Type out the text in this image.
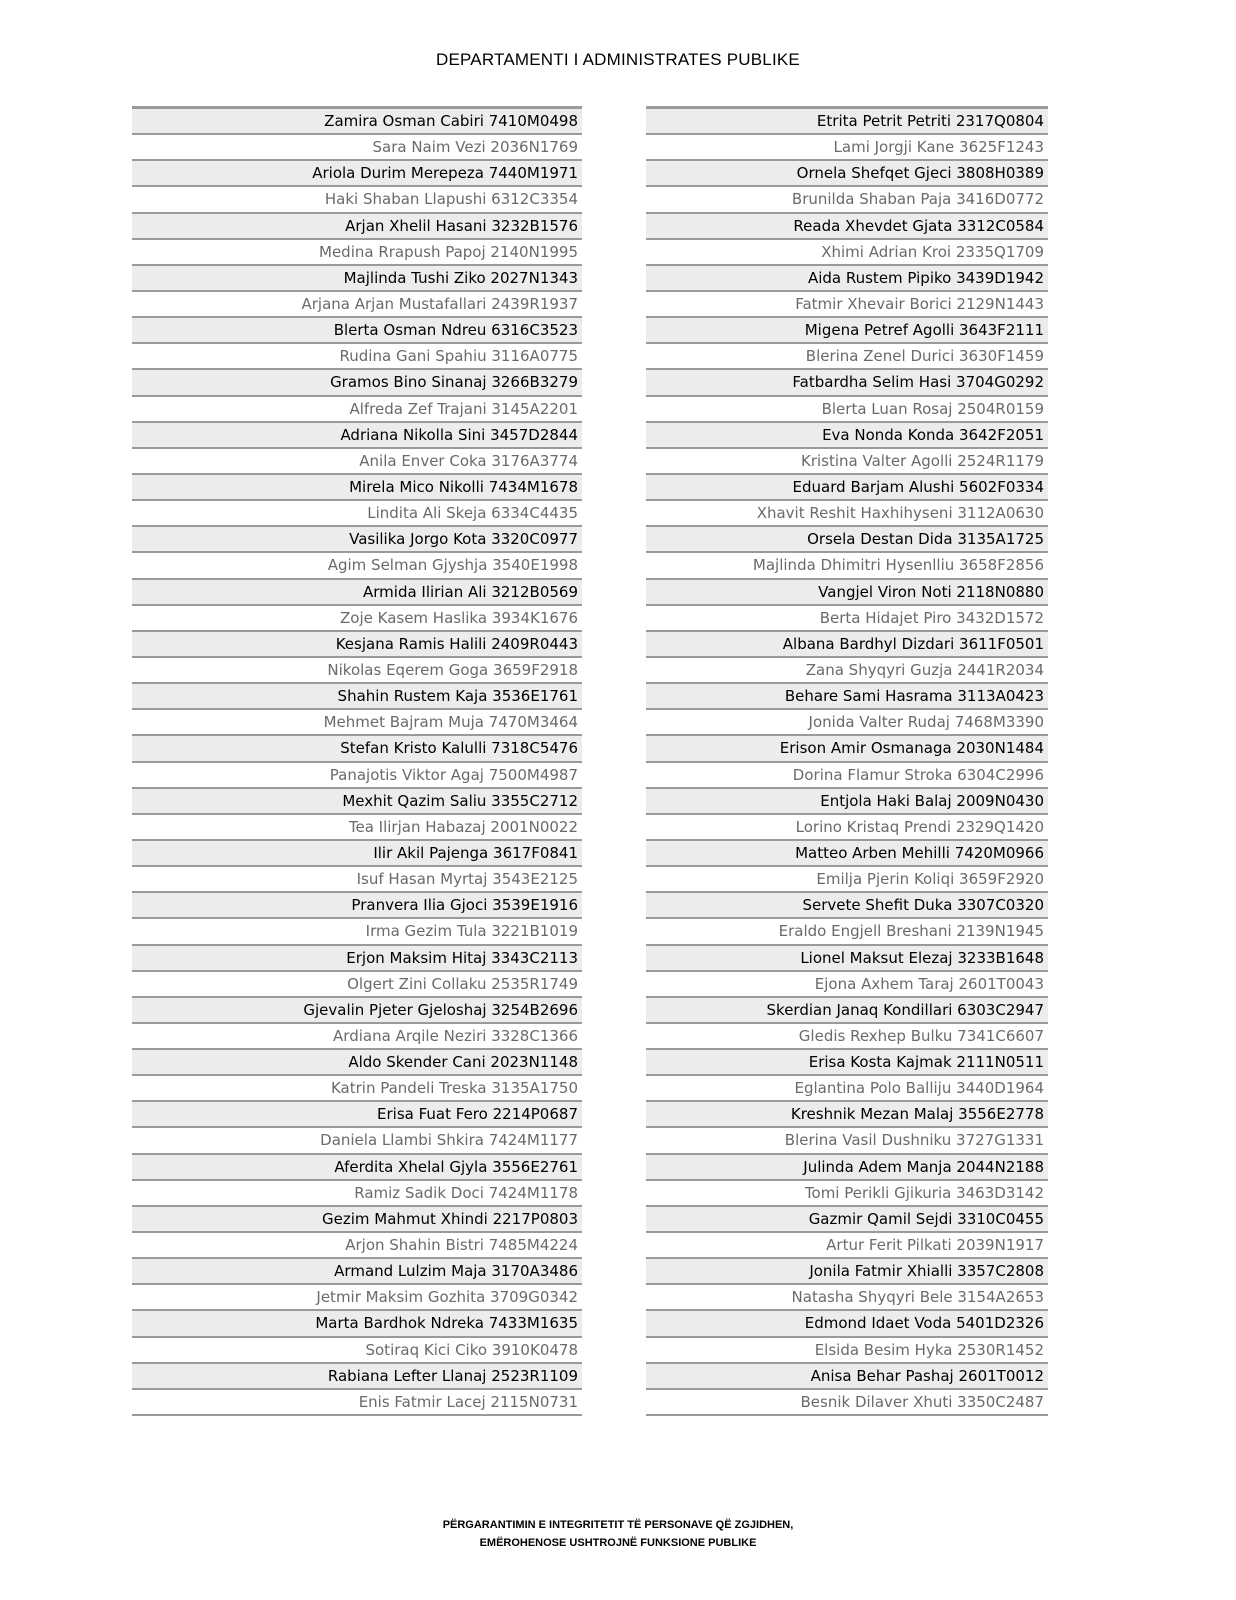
DEPARTAMENTI I ADMINISTRATES PUBLIKE
Zamira Osman Cabiri 7410M0498
Sara Naim Vezi 2036N1769
Ariola Durim Merepeza 7440M1971
Haki Shaban Llapushi 6312C3354
Arjan Xhelil Hasani 3232B1576
Medina Rrapush Papoj 2140N1995
Majlinda Tushi Ziko 2027N1343
Arjana Arjan Mustafallari 2439R1937
Blerta Osman Ndreu 6316C3523
Rudina Gani Spahiu 3116A0775
Gramos Bino Sinanaj 3266B3279
Alfreda Zef Trajani 3145A2201
Adriana Nikolla Sini 3457D2844
Anila Enver Coka 3176A3774
Mirela Mico Nikolli 7434M1678
Lindita Ali Skeja 6334C4435
Vasilika Jorgo Kota 3320C0977
Agim Selman Gjyshja 3540E1998
Armida Ilirian Ali 3212B0569
Zoje Kasem Haslika 3934K1676
Kesjana Ramis Halili 2409R0443
Nikolas Eqerem Goga 3659F2918
Shahin Rustem Kaja 3536E1761
Mehmet Bajram Muja 7470M3464
Stefan Kristo Kalulli 7318C5476
Panajotis Viktor Agaj 7500M4987
Mexhit Qazim Saliu 3355C2712
Tea Ilirjan Habazaj 2001N0022
Ilir Akil Pajenga 3617F0841
Isuf Hasan Myrtaj 3543E2125
Pranvera Ilia Gjoci 3539E1916
Irma Gezim Tula 3221B1019
Erjon Maksim Hitaj 3343C2113
Olgert Zini Collaku 2535R1749
Gjevalin Pjeter Gjeloshaj 3254B2696
Ardiana Arqile Neziri 3328C1366
Aldo Skender Cani 2023N1148
Katrin Pandeli Treska 3135A1750
Erisa Fuat Fero 2214P0687
Daniela Llambi Shkira 7424M1177
Aferdita Xhelal Gjyla 3556E2761
Ramiz Sadik Doci 7424M1178
Gezim Mahmut Xhindi 2217P0803
Arjon Shahin Bistri 7485M4224
Armand Lulzim Maja 3170A3486
Jetmir Maksim Gozhita 3709G0342
Marta Bardhok Ndreka 7433M1635
Sotiraq Kici Ciko 3910K0478
Rabiana Lefter Llanaj 2523R1109
Enis Fatmir Lacej 2115N0731
Etrita Petrit Petriti 2317Q0804
Lami Jorgji Kane 3625F1243
Ornela Shefqet Gjeci 3808H0389
Brunilda Shaban Paja 3416D0772
Reada Xhevdet Gjata 3312C0584
Xhimi Adrian Kroi 2335Q1709
Aida Rustem Pipiko 3439D1942
Fatmir Xhevair Borici 2129N1443
Migena Petref Agolli 3643F2111
Blerina Zenel Durici 3630F1459
Fatbardha Selim Hasi 3704G0292
Blerta Luan Rosaj 2504R0159
Eva Nonda Konda 3642F2051
Kristina Valter Agolli 2524R1179
Eduard Barjam Alushi 5602F0334
Xhavit Reshit Haxhihyseni 3112A0630
Orsela Destan Dida 3135A1725
Majlinda Dhimitri Hysenlliu 3658F2856
Vangjel Viron Noti 2118N0880
Berta Hidajet Piro 3432D1572
Albana Bardhyl Dizdari 3611F0501
Zana Shyqyri Guzja 2441R2034
Behare Sami Hasrama 3113A0423
Jonida Valter Rudaj 7468M3390
Erison Amir Osmanaga 2030N1484
Dorina Flamur Stroka 6304C2996
Entjola Haki Balaj 2009N0430
Lorino Kristaq Prendi 2329Q1420
Matteo Arben Mehilli 7420M0966
Emilja Pjerin Koliqi 3659F2920
Servete Shefit Duka 3307C0320
Eraldo Engjell Breshani 2139N1945
Lionel Maksut Elezaj 3233B1648
Ejona Axhem Taraj 2601T0043
Skerdian Janaq Kondillari 6303C2947
Gledis Rexhep Bulku 7341C6607
Erisa Kosta Kajmak 2111N0511
Eglantina Polo Balliju 3440D1964
Kreshnik Mezan Malaj 3556E2778
Blerina Vasil Dushniku 3727G1331
Julinda Adem Manja 2044N2188
Tomi Perikli Gjikuria 3463D3142
Gazmir Qamil Sejdi 3310C0455
Artur Ferit Pilkati 2039N1917
Jonila Fatmir Xhialli 3357C2808
Natasha Shyqyri Bele 3154A2653
Edmond Idaet Voda 5401D2326
Elsida Besim Hyka 2530R1452
Anisa Behar Pashaj 2601T0012
Besnik Dilaver Xhuti 3350C2487
PËRGARANTIMIN E INTEGRITETIT TË PERSONAVE QË ZGJIDHEN,
EMËROHENOSE USHTROJNË FUNKSIONE PUBLIKE
